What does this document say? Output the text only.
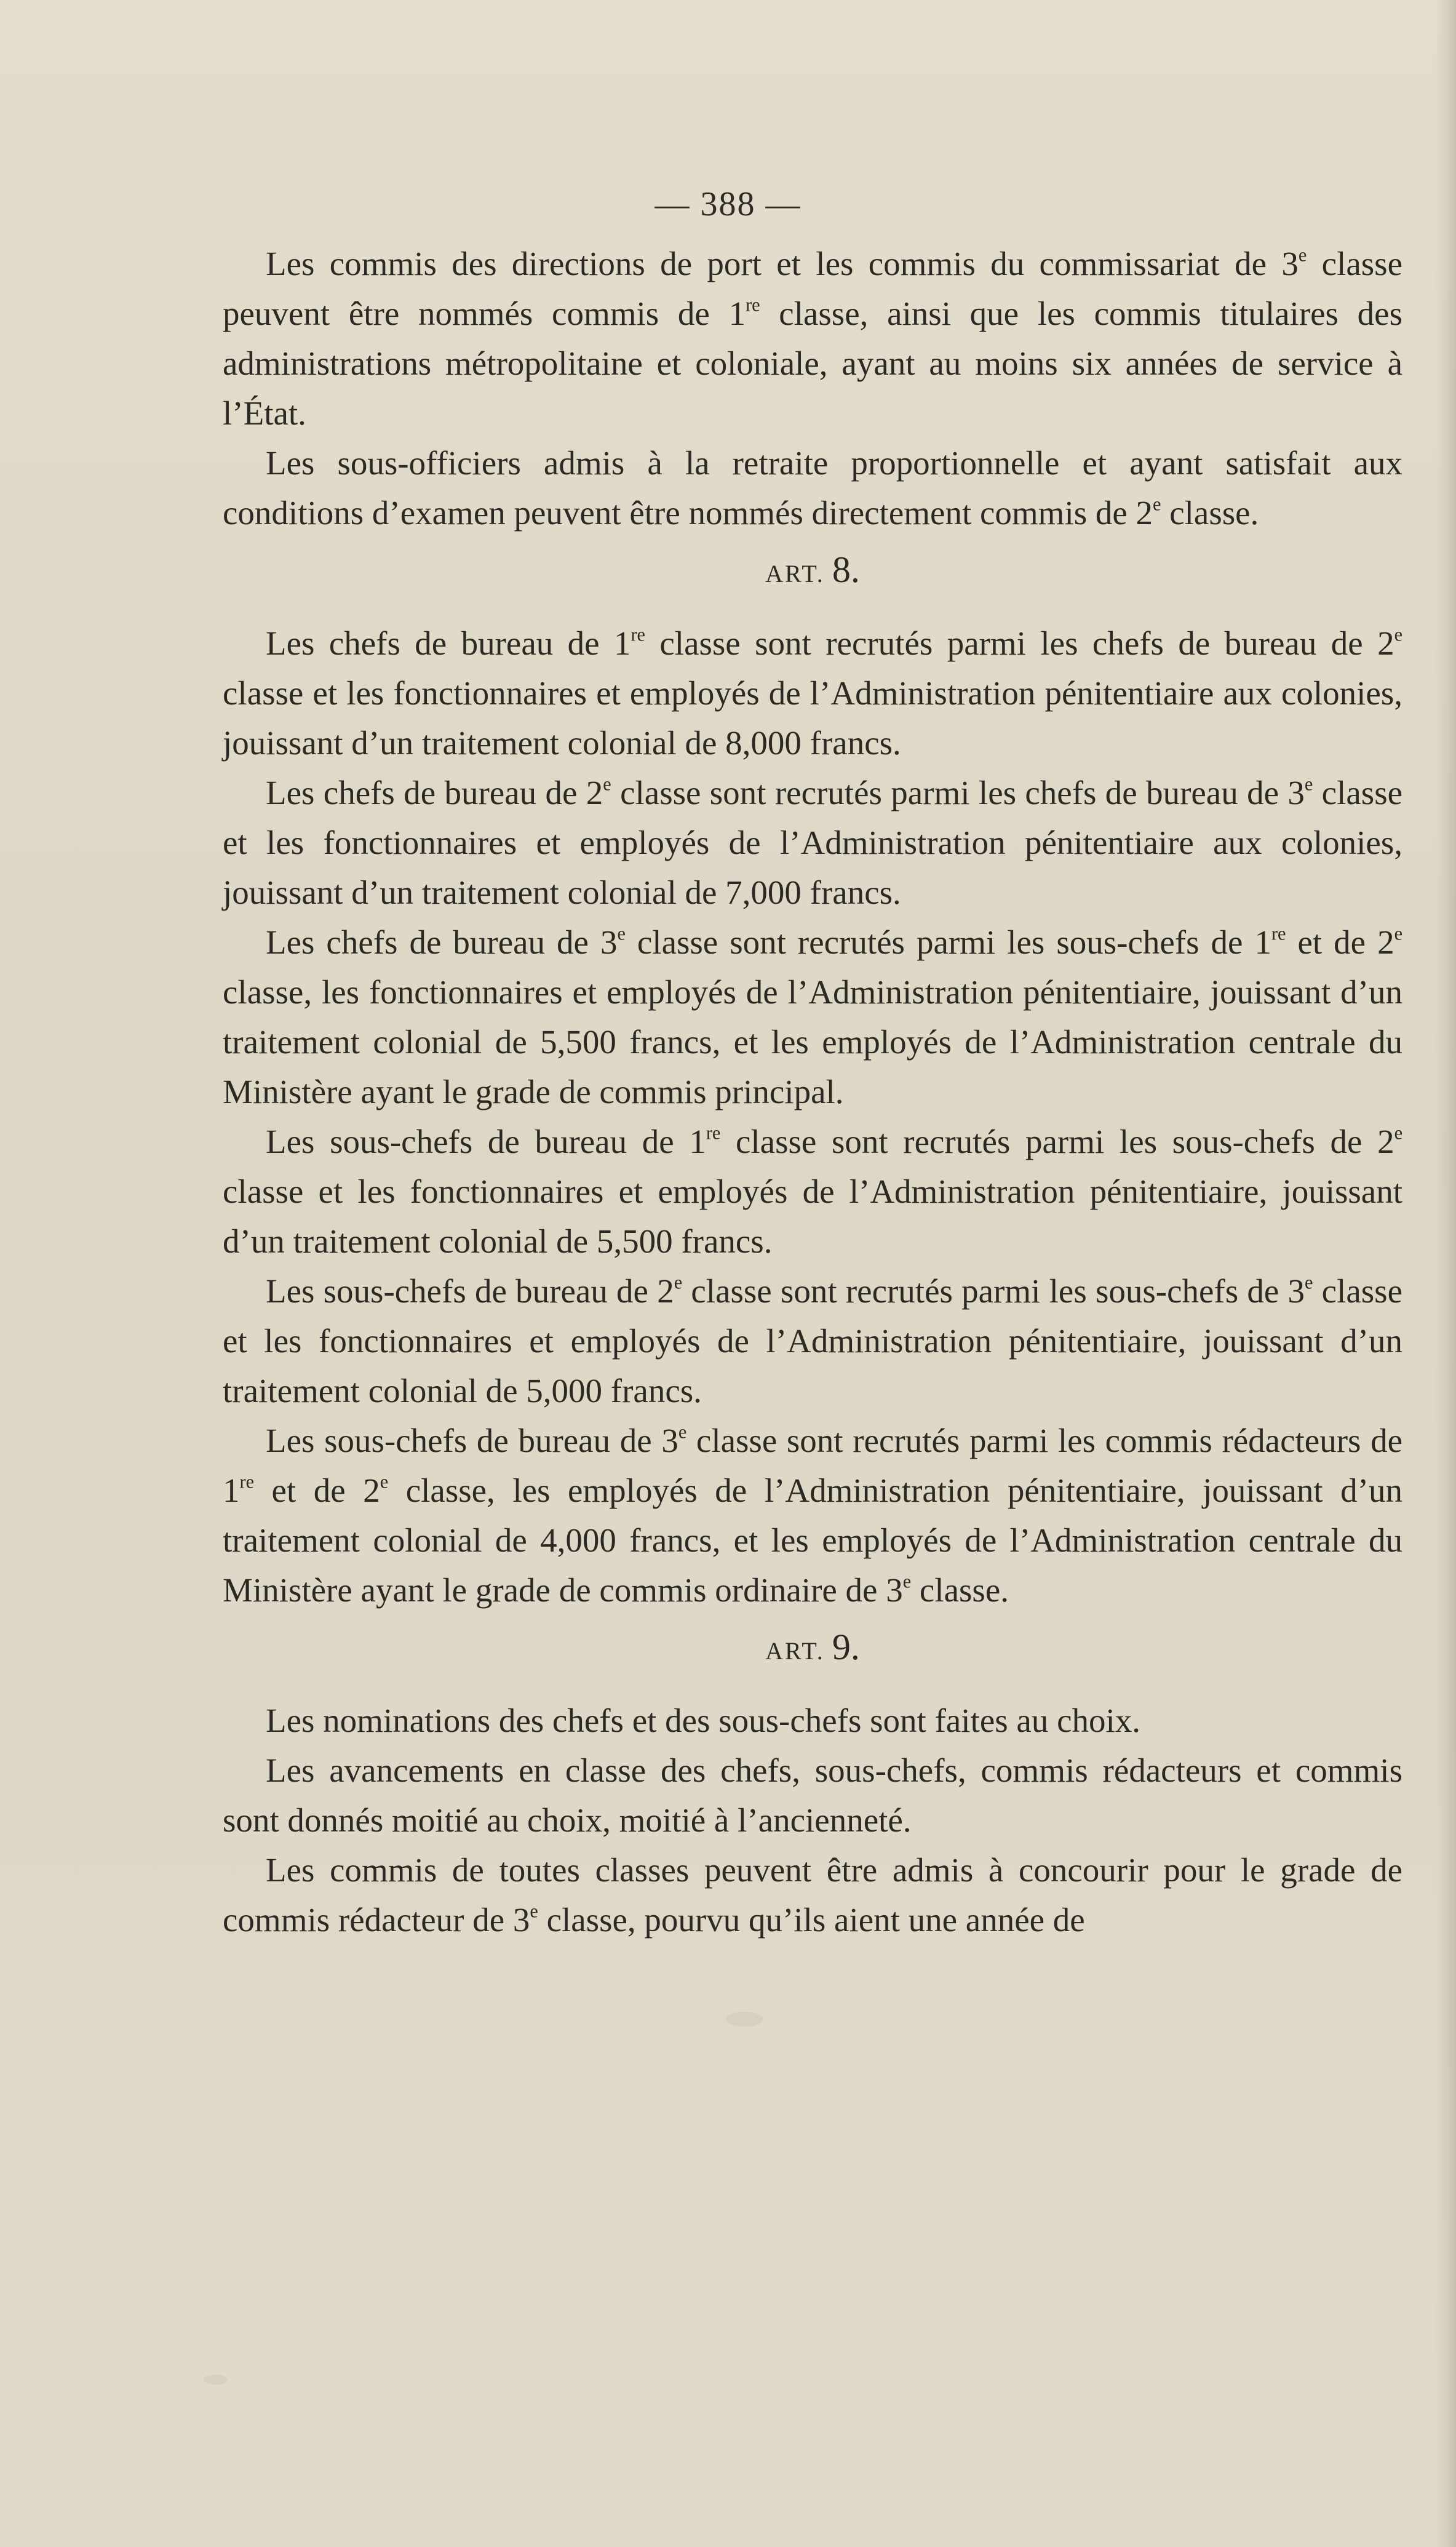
— 388 —

Les commis des directions de port et les commis du commissariat de 3e classe peuvent être nommés commis de 1re classe, ainsi que les commis titulaires des administrations métropolitaine et coloniale, ayant au moins six années de service à l’État.

Les sous-officiers admis à la retraite proportionnelle et ayant satisfait aux conditions d’examen peuvent être nommés directement commis de 2e classe.

ART. 8.

Les chefs de bureau de 1re classe sont recrutés parmi les chefs de bureau de 2e classe et les fonctionnaires et employés de l’Administration pénitentiaire aux colonies, jouissant d’un traitement colonial de 8,000 francs.

Les chefs de bureau de 2e classe sont recrutés parmi les chefs de bureau de 3e classe et les fonctionnaires et employés de l’Administration pénitentiaire aux colonies, jouissant d’un traitement colonial de 7,000 francs.

Les chefs de bureau de 3e classe sont recrutés parmi les sous-chefs de 1re et de 2e classe, les fonctionnaires et employés de l’Administration pénitentiaire, jouissant d’un traitement colonial de 5,500 francs, et les employés de l’Administration centrale du Ministère ayant le grade de commis principal.

Les sous-chefs de bureau de 1re classe sont recrutés parmi les sous-chefs de 2e classe et les fonctionnaires et employés de l’Administration pénitentiaire, jouissant d’un traitement colonial de 5,500 francs.

Les sous-chefs de bureau de 2e classe sont recrutés parmi les sous-chefs de 3e classe et les fonctionnaires et employés de l’Administration pénitentiaire, jouissant d’un traitement colonial de 5,000 francs.

Les sous-chefs de bureau de 3e classe sont recrutés parmi les commis rédacteurs de 1re et de 2e classe, les employés de l’Administration pénitentiaire, jouissant d’un traitement colonial de 4,000 francs, et les employés de l’Administration centrale du Ministère ayant le grade de commis ordinaire de 3e classe.

ART. 9.

Les nominations des chefs et des sous-chefs sont faites au choix.

Les avancements en classe des chefs, sous-chefs, commis rédacteurs et commis sont donnés moitié au choix, moitié à l’ancienneté.

Les commis de toutes classes peuvent être admis à concourir pour le grade de commis rédacteur de 3e classe, pourvu qu’ils aient une année de
